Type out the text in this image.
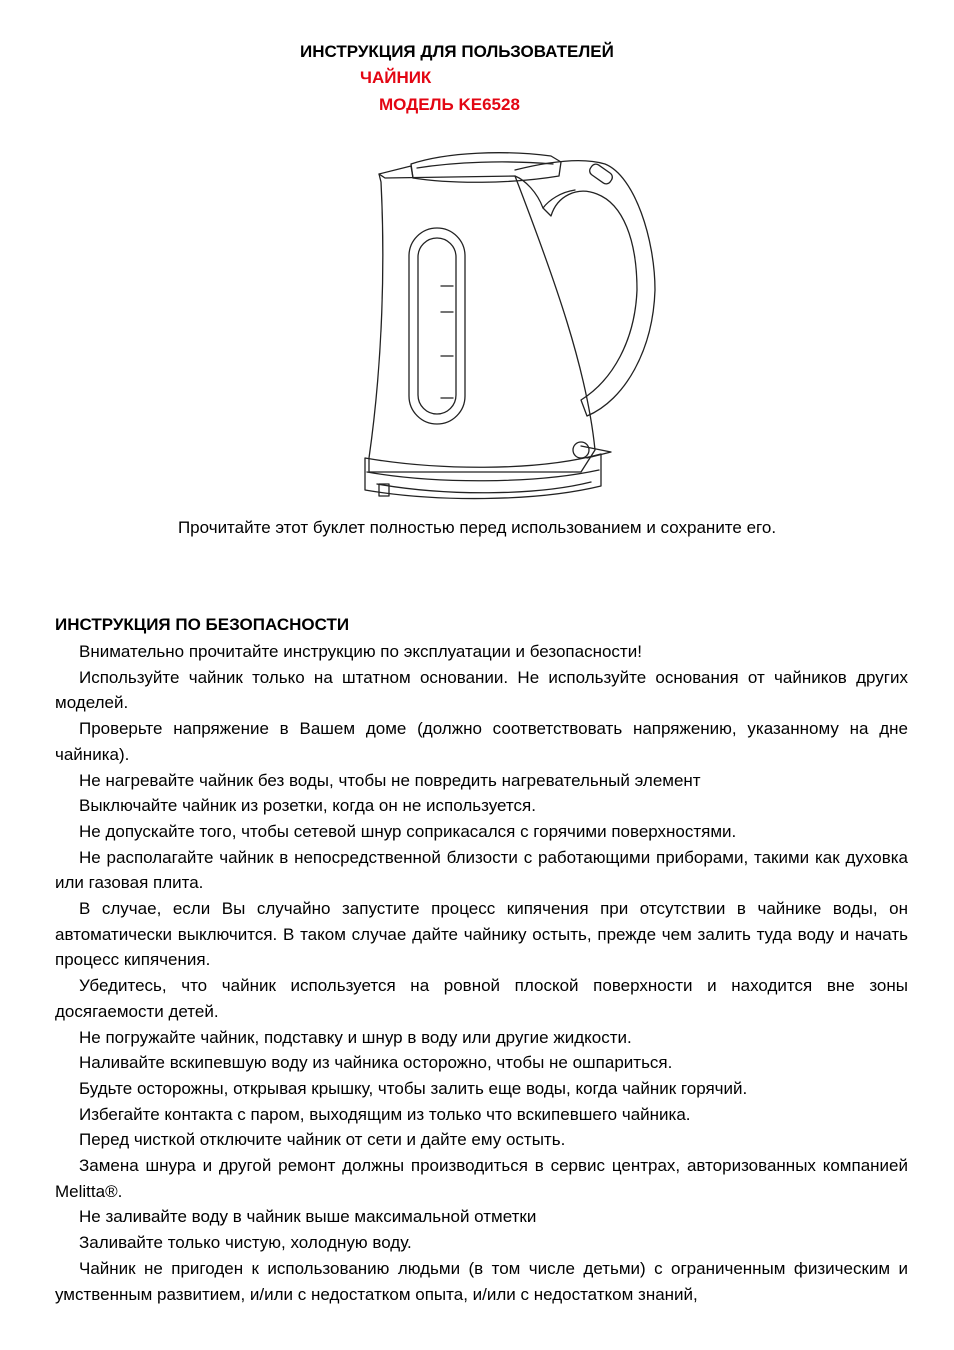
ИНСТРУКЦИЯ ДЛЯ ПОЛЬЗОВАТЕЛЕЙ
ЧАЙНИК
МОДЕЛЬ KE6528
Прочитайте этот буклет полностью перед использованием и сохраните его.
ИНСТРУКЦИЯ ПО БЕЗОПАСНОСТИ
Внимательно прочитайте инструкцию по эксплуатации и безопасности!
Используйте чайник только на штатном основании. Не используйте основания от чайников других моделей.
Проверьте напряжение в Вашем доме (должно соответствовать напряжению, указанному на дне чайника).
Не нагревайте чайник без воды, чтобы не повредить нагревательный элемент
Выключайте чайник из розетки, когда он не используется.
Не допускайте того, чтобы сетевой шнур соприкасался с горячими поверхностями.
Не располагайте чайник в непосредственной близости с работающими приборами, такими как духовка или газовая плита.
В случае, если Вы случайно запустите процесс кипячения при отсутствии в чайнике воды, он автоматически выключится. В таком случае дайте чайнику остыть, прежде чем залить туда воду и начать процесс кипячения.
Убедитесь, что чайник используется на ровной плоской поверхности и находится вне зоны досягаемости детей.
Не погружайте чайник, подставку и шнур в воду или другие жидкости.
Наливайте вскипевшую воду из чайника осторожно, чтобы не ошпариться.
Будьте осторожны, открывая крышку, чтобы залить еще воды, когда чайник горячий.
Избегайте контакта с паром, выходящим из только что вскипевшего чайника.
Перед чисткой отключите чайник от сети и дайте ему остыть.
Замена шнура и другой ремонт должны производиться в сервис центрах, авторизованных компанией Melitta®.
Не заливайте воду в чайник выше максимальной отметки
Заливайте только чистую, холодную воду.
Чайник не пригоден к использованию людьми (в том числе детьми) с ограниченным физическим и умственным развитием, и/или с недостатком опыта, и/или с недостатком знаний,
